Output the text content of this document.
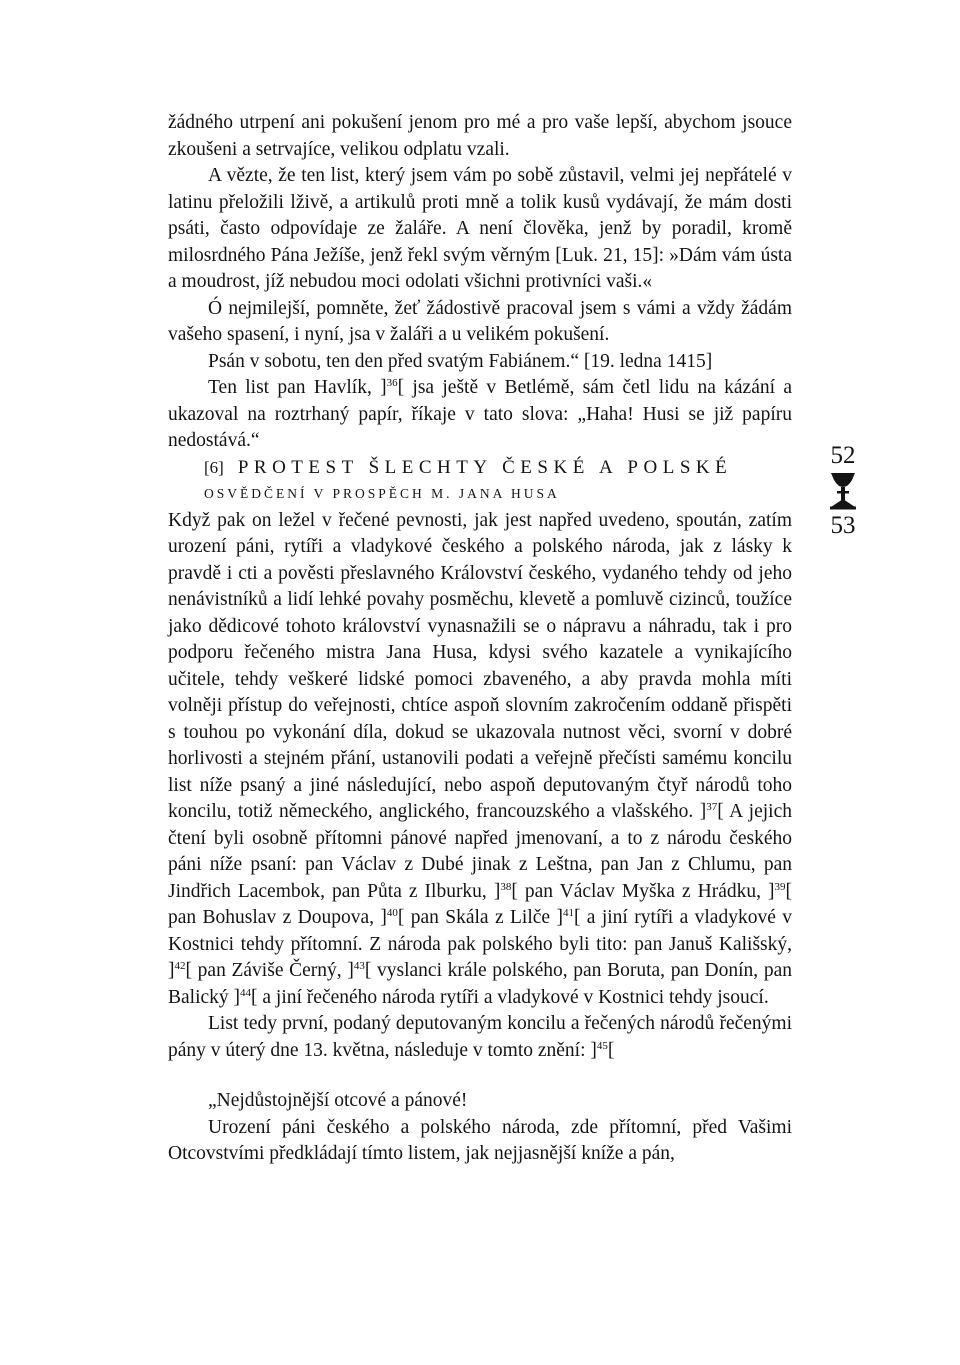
žádného utrpení ani pokušení jenom pro mé a pro vaše lepší, abychom jsouce zkoušeni a setrvajíce, velikou odplatu vzali.

A vězte, že ten list, který jsem vám po sobě zůstavil, velmi jej nepřátelé v latinu přeložili lživě, a artikulů proti mně a tolik kusů vydávají, že mám dosti psáti, často odpovídaje ze žaláře. A není člověka, jenž by poradil, kromě milosrdného Pána Ježíše, jenž řekl svým věrným [Luk. 21, 15]: »Dám vám ústa a moudrost, jíž nebudou moci odolati všichni protivníci vaši.«

Ó nejmilejší, pomněte, žeť žádostivě pracoval jsem s vámi a vždy žádám vašeho spasení, i nyní, jsa v žaláři a u velikém pokušení.

Psán v sobotu, ten den před svatým Fabiánem.“ [19. ledna 1415]

Ten list pan Havlík, ]$^{36}$[ jsa ještě v Betlémě, sám četl lidu na kázání a ukazoval na roztrhaný papír, říkaje v tato slova: „Haha! Husi se již papíru nedostává.“

[6] PROTEST ŠLECHTY ČESKÉ A POLSKÉ

OSVĚDČENÍ V PROSPĚCH M. JANA HUSA

Když pak on ležel v řečené pevnosti, jak jest napřed uvedeno, spoután, zatím urození páni, rytíři a vladykové českého a polského národa, jak z lásky k pravdě i cti a pověsti přeslavného Království českého, vydaného tehdy od jeho nenávistníků a lidí lehké povahy posměchu, klevetě a pomluvě cizinců, toužíce jako dědicové tohoto království vynasnažili se o nápravu a náhradu, tak i pro podporu řečeného mistra Jana Husa, kdysi svého kazatele a vynikajícího učitele, tehdy veškeré lidské pomoci zbaveného, a aby pravda mohla míti volněji přístup do veřejnosti, chtíce aspoň slovním zakročením oddaně přispěti s touhou po vykonání díla, dokud se ukazovala nutnost věci, svorní v dobré horlivosti a stejném přání, ustanovili podati a veřejně přečísti samému koncilu list níže psaný a jiné následující, nebo aspoň deputovaným čtyř národů toho koncilu, totiž německého, anglického, francouzského a vlašského. ]$^{37}$[ A jejich čtení byli osobně přítomni pánové napřed jmenovaní, a to z národu českého páni níže psaní: pan Václav z Dubé jinak z Leštna, pan Jan z Chlumu, pan Jindřich Lacembok, pan Půta z Ilburku, ]$^{38}$[ pan Václav Myška z Hrádku, ]$^{39}$[ pan Bohuslav z Doupova, ]$^{40}$[ pan Skála z Lilče ]$^{41}$[ a jiní rytíři a vladykové v Kostnici tehdy přítomní. Z národa pak polského byli tito: pan Januš Kališský, ]$^{42}$[ pan Záviše Černý, ]$^{43}$[ vyslanci krále polského, pan Boruta, pan Donín, pan Balický ]$^{44}$[ a jiní řečeného národa rytíři a vladykové v Kostnici tehdy jsoucí.

List tedy první, podaný deputovaným koncilu a řečených národů řečenými pány v úterý dne 13. května, následuje v tomto znění: ]$^{45}$[

„Nejdůstojnější otcové a pánové!

Urození páni českého a polského národa, zde přítomní, před Vašimi Otcovstvími předkládají tímto listem, jak nejjasnější kníže a pán,

52
53
